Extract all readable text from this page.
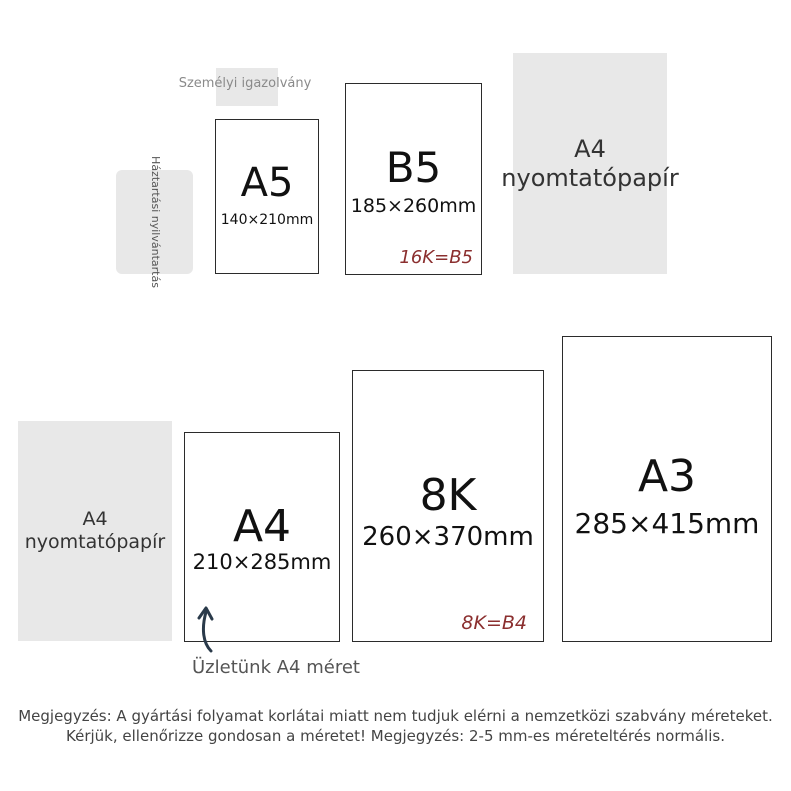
Személyi igazolvány
Háztartási nyilvántartás A5
140×210mm
B5
185×260mm
16K=B5
A4
nyomtatópapír
A4
nyomtatópapír	A4
210×285mm
8K
260×370mm
8K=B4
A3
285×415mm
Üzletünk A4 méret
Megjegyzés: A gyártási folyamat korlátai miatt nem tudjuk elérni a nemzetközi szabvány méreteket. Kérjük, ellenőrizze gondosan a méretet! Megjegyzés: 2-5 mm-es méreteltérés normális.
